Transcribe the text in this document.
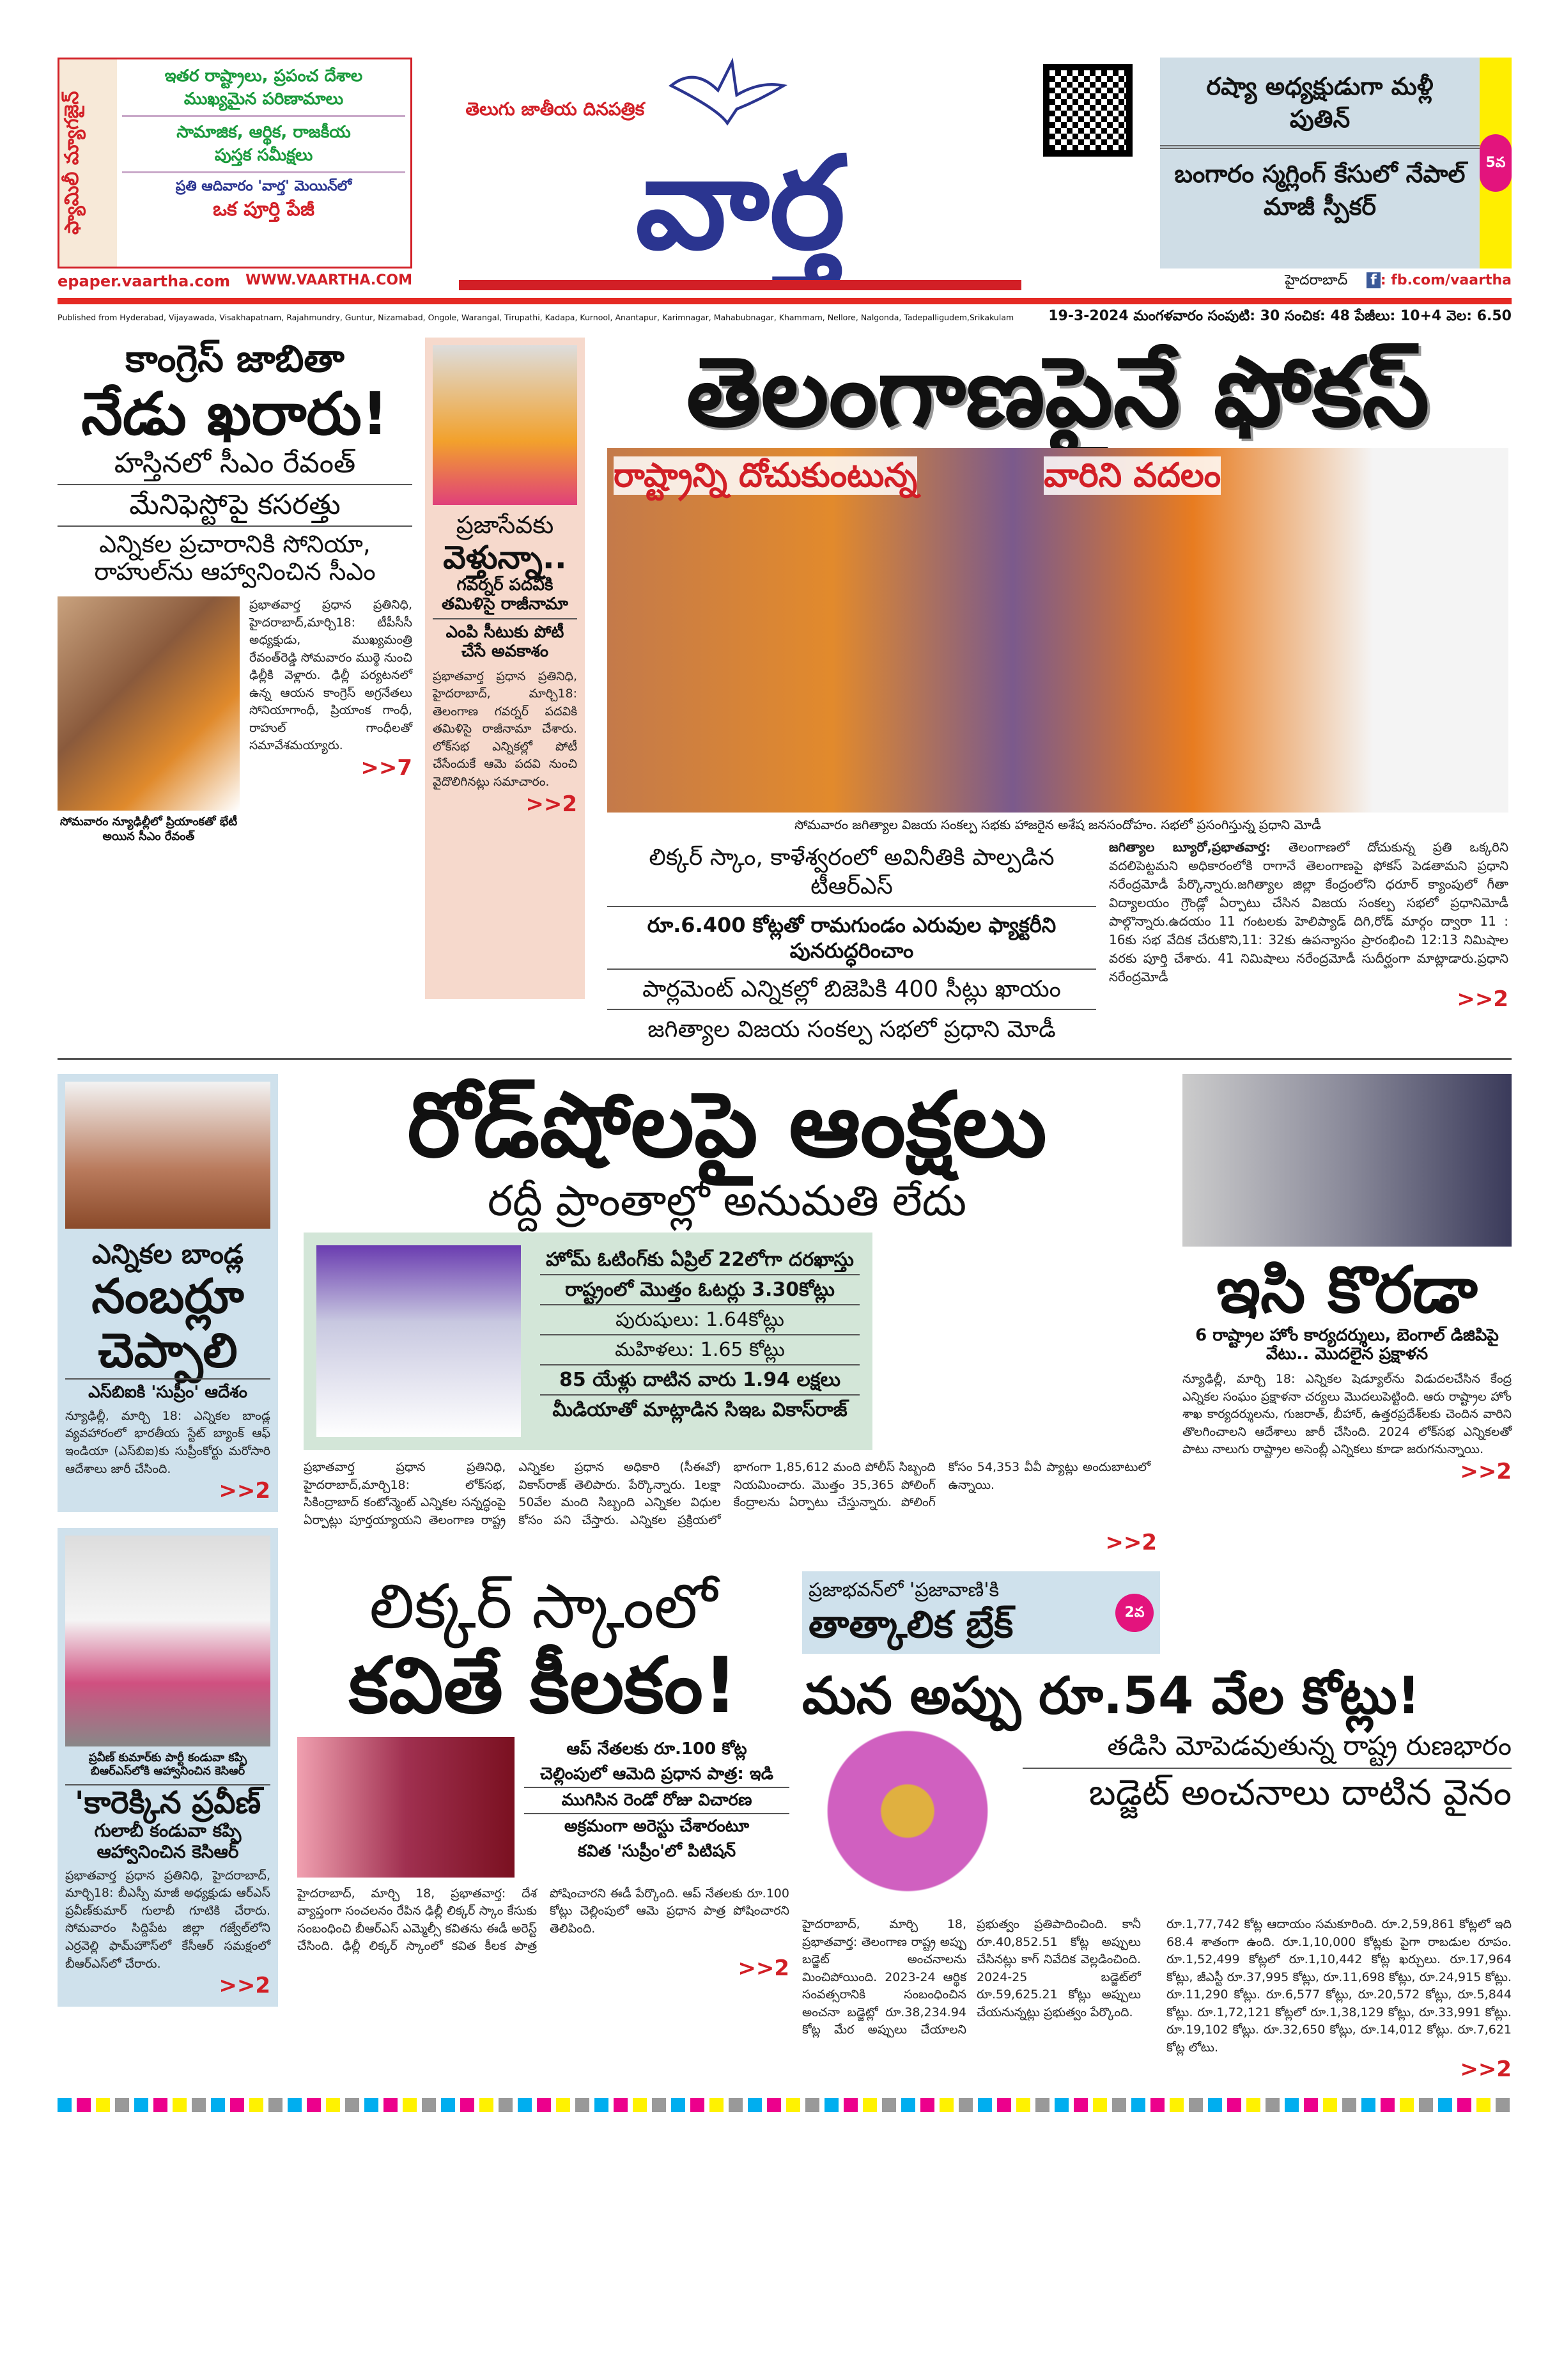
ఫ్యామిలీ మ్యాగజైన్
ఇతర రాష్ట్రాలు, ప్రపంచ దేశాల
ముఖ్యమైన పరిణామాలు
సామాజిక, ఆర్థిక, రాజకీయ
పుస్తక సమీక్షలు
ప్రతి ఆదివారం 'వార్త' మెయిన్‌లో
ఒక పూర్తి పేజీ
epaper.vaartha.com WWW.VAARTHA.COM
తెలుగు జాతీయ దినపత్రిక
వార్త
రష్యా అధ్యక్షుడుగా మళ్లీ పుతిన్
బంగారం స్మగ్లింగ్ కేసులో నేపాల్ మాజీ స్పీకర్
5వ
హైదరాబాద్ f : fb.com/vaartha
Published from Hyderabad, Vijayawada, Visakhapatnam, Rajahmundry, Guntur, Nizamabad, Ongole, Warangal, Tirupathi, Kadapa, Kurnool, Anantapur, Karimnagar, Mahabubnagar, Khammam, Nellore, Nalgonda, Tadepalligudem,Srikakulam	19-3-2024 మంగళవారం సంపుటి: 30 సంచిక: 48 పేజీలు: 10+4 వెల: 6.50
కాంగ్రెస్ జాబితా
నేడు ఖరారు!
హస్తినలో సీఎం రేవంత్
మేనిఫెస్టోపై కసరత్తు
ఎన్నికల ప్రచారానికి సోనియా, రాహుల్‌ను ఆహ్వానించిన సీఎం
సోమవారం న్యూఢిల్లీలో ప్రియాంకతో భేటీ అయిన సీఎం రేవంత్
ప్రభాతవార్త ప్రధాన ప్రతినిధి, హైదరాబాద్,మార్చి18: టీపీసీసీ అధ్యక్షుడు, ముఖ్యమంత్రి రేవంత్‌రెడ్డి సోమవారం ముఠ్ఠె నుంచి ఢిల్లీకి వెళ్లారు. ఢిల్లీ పర్యటనలో ఉన్న ఆయన కాంగ్రెస్ అగ్రనేతలు సోనియాగాంధీ, ప్రియాంక గాంధీ, రాహుల్ గాంధీలతో సమావేశమయ్యారు.
>>7
ప్రజాసేవకు
వెళ్తున్నా..
గవర్నర్ పదవికి తమిళిసై రాజీనామా
ఎంపి సీటుకు పోటీ చేసే అవకాశం
ప్రభాతవార్త ప్రధాన ప్రతినిధి, హైదరాబాద్, మార్చి18: తెలంగాణ గవర్నర్ పదవికి తమిళిసై రాజీనామా చేశారు. లోక్‌సభ ఎన్నికల్లో పోటీ చేసేందుకే ఆమె పదవి నుంచి వైదొలిగినట్లు సమాచారం.
>>2
తెలంగాణపైనే ఫోకస్
రాష్ట్రాన్ని దోచుకుంటున్న	వారిని వదలం
సోమవారం జగిత్యాల విజయ సంకల్ప సభకు హాజరైన అశేష జనసందోహం. సభలో ప్రసంగిస్తున్న ప్రధాని మోడీ
లిక్కర్ స్కాం, కాళేశ్వరంలో అవినీతికి పాల్పడిన టీఆర్ఎస్
రూ.6.400 కోట్లతో రామగుండం ఎరువుల ఫ్యాక్టరీని పునరుద్ధరించాం
పార్లమెంట్ ఎన్నికల్లో బిజెపికి 400 సీట్లు ఖాయం
జగిత్యాల విజయ సంకల్ప సభలో ప్రధాని మోడీ
జగిత్యాల బ్యూరో,ప్రభాతవార్త: తెలంగాణలో దోచుకున్న ప్రతి ఒక్కరిని వదలిపెట్టమని అధికారంలోకి రాగానే తెలంగాణపై ఫోకస్ పెడతామని ప్రధాని నరేంద్రమోడీ పేర్కొన్నారు.జగిత్యాల జిల్లా కేంద్రంలోని ధరూర్ క్యాంపులో గీతా విద్యాలయం గ్రౌండ్లో ఏర్పాటు చేసిన విజయ సంకల్ప సభలో ప్రధానిమోడీ పాల్గొన్నారు.ఉదయం 11 గంటలకు హెలిప్యాడ్ దిగి,రోడ్ మార్గం ద్వారా 11 : 16కు సభ వేదిక చేరుకొని,11: 32కు ఉపన్యాసం ప్రారంభించి 12:13 నిమిషాల వరకు పూర్తి చేశారు. 41 నిమిషాలు నరేంద్రమోడీ సుదీర్ఘంగా మాట్లాడారు.ప్రధాని నరేంద్రమోడీ
>>2
ఎన్నికల బాండ్ల
నంబర్లూ చెప్పాలి
ఎస్‌బిఐకి 'సుప్రీం' ఆదేశం
న్యూఢిల్లీ, మార్చి 18: ఎన్నికల బాండ్ల వ్యవహారంలో భారతీయ స్టేట్ బ్యాంక్ ఆఫ్ ఇండియా (ఎస్‌బిఐ)కు సుప్రీంకోర్టు మరోసారి ఆదేశాలు జారీ చేసింది.
>>2
ప్రవీణ్ కుమార్‌కు పార్టీ కండువా కప్పి బిఆర్‌ఎస్‌లోకి ఆహ్వానించిన కెసిఆర్
'కారెక్కిన ప్రవీణ్
గులాబీ కండువా కప్పి ఆహ్వానించిన కెసిఆర్
ప్రభాతవార్త ప్రధాన ప్రతినిధి, హైదరాబాద్, మార్చి18: బీఎస్పీ మాజీ అధ్యక్షుడు ఆర్‌ఎస్ ప్రవీణ్‌కుమార్ గులాబీ గూటికి చేరారు. సోమవారం సిద్దిపేట జిల్లా గజ్వేల్‌లోని ఎర్రవెల్లి ఫామ్‌హౌస్‌లో కేసీఆర్ సమక్షంలో బీఆర్‌ఎస్‌లో చేరారు.
>>2
రోడ్‌షోలపై ఆంక్షలు
రద్దీ ప్రాంతాల్లో అనుమతి లేదు
హోమ్ ఓటింగ్‌కు ఏప్రిల్ 22లోగా దరఖాస్తు
రాష్ట్రంలో మొత్తం ఓటర్లు 3.30కోట్లు
పురుషులు: 1.64కోట్లు
మహిళలు: 1.65 కోట్లు
85 యేళ్లు దాటిన వారు 1.94 లక్షలు
మీడియాతో మాట్లాడిన సిఇఒ వికాస్‌రాజ్
ప్రభాతవార్త ప్రధాన ప్రతినిధి, హైదరాబాద్,మార్చి18: లోక్‌సభ, సికింద్రాబాద్ కంటోన్మెంట్ ఎన్నికల సన్నద్ధంపై ఏర్పాట్లు పూర్తయ్యాయని తెలంగాణ రాష్ట్ర ఎన్నికల ప్రధాన అధికారి (సీఈవో) వికాస్‌రాజ్ తెలిపారు. పేర్కొన్నారు. 1లక్షా 50వేల మంది సిబ్బంది ఎన్నికల విధుల కోసం పని చేస్తారు. ఎన్నికల ప్రక్రియలో భాగంగా 1,85,612 మంది పోలీస్ సిబ్బంది నియమించారు. మొత్తం 35,365 పోలింగ్ కేంద్రాలను ఏర్పాటు చేస్తున్నారు. పోలింగ్ కోసం 54,353 వీవీ ప్యాట్లు అందుబాటులో ఉన్నాయి.
>>2
ఇసి కొరడా
6 రాష్ట్రాల హోం కార్యదర్శులు, బెంగాల్ డిజిపిపై వేటు.. మొదలైన ప్రక్షాళన
న్యూఢిల్లీ, మార్చి 18: ఎన్నికల షెడ్యూల్‌ను విడుదలచేసిన కేంద్ర ఎన్నికల సంఘం ప్రక్షాళనా చర్యలు మొదలుపెట్టింది. ఆరు రాష్ట్రాల హోం శాఖ కార్యదర్శులను, గుజరాత్, బీహార్, ఉత్తరప్రదేశ్‌లకు చెందిన వారిని తొలగించాలని ఆదేశాలు జారీ చేసింది. 2024 లోక్‌సభ ఎన్నికలతో పాటు నాలుగు రాష్ట్రాల అసెంబ్లీ ఎన్నికలు కూడా జరుగనున్నాయి.
>>2
లిక్కర్ స్కాంలో
కవితే కీలకం!
ఆప్ నేతలకు రూ.100 కోట్ల
చెల్లింపులో ఆమెది ప్రధాన పాత్ర: ఇడి
ముగిసిన రెండో రోజు విచారణ
అక్రమంగా అరెస్టు చేశారంటూ
కవిత 'సుప్రీం'లో పిటిషన్
హైదరాబాద్, మార్చి 18, ప్రభాతవార్త: దేశ వ్యాప్తంగా సంచలనం రేపిన ఢిల్లీ లిక్కర్ స్కాం కేసుకు సంబంధించి బీఆర్‌ఎస్ ఎమ్మెల్సీ కవితను ఈడీ అరెస్ట్ చేసింది. ఢిల్లీ లిక్కర్ స్కాంలో కవిత కీలక పాత్ర పోషించారని ఈడీ పేర్కొంది. ఆప్ నేతలకు రూ.100 కోట్లు చెల్లింపులో ఆమె ప్రధాన పాత్ర పోషించారని తెలిపింది.
>>2
ప్రజాభవన్‌లో 'ప్రజావాణి'కి
తాత్కాలిక బ్రేక్	2వ
మన అప్పు రూ.54 వేల కోట్లు!
తడిసి మోపెడవుతున్న రాష్ట్ర రుణభారం
బడ్జెట్ అంచనాలు దాటిన వైనం
హైదరాబాద్, మార్చి 18, ప్రభాతవార్త: తెలంగాణ రాష్ట్ర అప్పు బడ్జెట్ అంచనాలను మించిపోయింది. 2023-24 ఆర్థిక సంవత్సరానికి సంబంధించిన అంచనా బడ్జెట్లో రూ.38,234.94 కోట్ల మేర అప్పులు చేయాలని ప్రభుత్వం ప్రతిపాదించింది. కానీ రూ.40,852.51 కోట్ల అప్పులు చేసినట్లు కాగ్ నివేదిక వెల్లడించింది. 2024-25 బడ్జెట్‌లో రూ.59,625.21 కోట్లు అప్పులు చేయనున్నట్లు ప్రభుత్వం పేర్కొంది.
రూ.1,77,742 కోట్ల ఆదాయం సమకూరింది. రూ.2,59,861 కోట్లలో ఇది 68.4 శాతంగా ఉంది. రూ.1,10,000 కోట్లకు పైగా రాబడుల రూపం. రూ.1,52,499 కోట్లలో రూ.1,10,442 కోట్ల ఖర్చులు. రూ.17,964 కోట్లు, జీఎస్టీ రూ.37,995 కోట్లు, రూ.11,698 కోట్లు, రూ.24,915 కోట్లు. రూ.11,290 కోట్లు. రూ.6,577 కోట్లు, రూ.20,572 కోట్లు, రూ.5,844 కోట్లు. రూ.1,72,121 కోట్లలో రూ.1,38,129 కోట్లు, రూ.33,991 కోట్లు. రూ.19,102 కోట్లు. రూ.32,650 కోట్లు, రూ.14,012 కోట్లు. రూ.7,621 కోట్ల లోటు.
>>2
